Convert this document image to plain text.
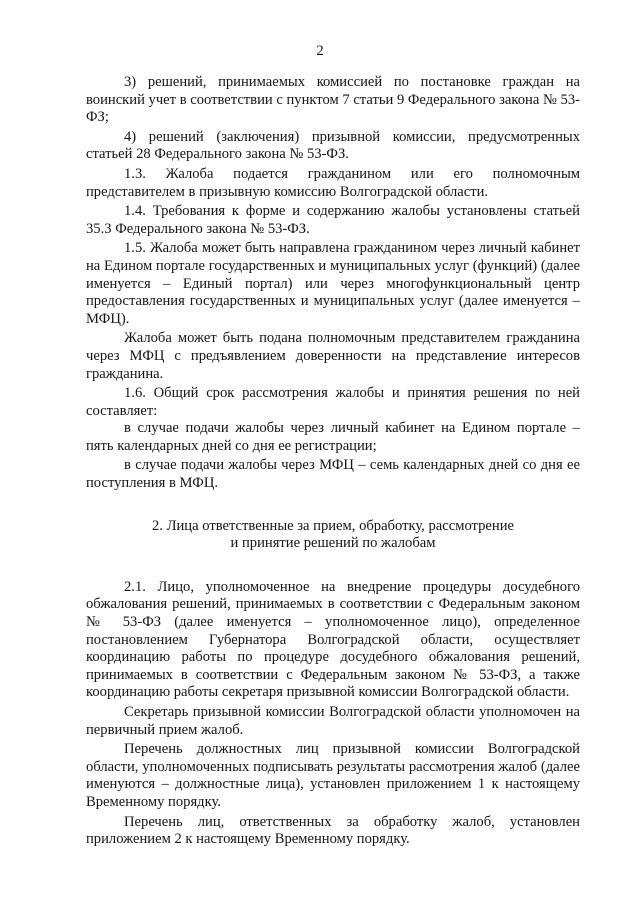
2

3) решений, принимаемых комиссией по постановке граждан на воинский учет в соответствии с пунктом 7 статьи 9 Федерального закона № 53-ФЗ;

4) решений (заключения) призывной комиссии, предусмотренных статьей 28 Федерального закона № 53-ФЗ.

1.3. Жалоба подается гражданином или его полномочным представителем в призывную комиссию Волгоградской области.

1.4. Требования к форме и содержанию жалобы установлены статьей 35.3 Федерального закона № 53-ФЗ.

1.5. Жалоба может быть направлена гражданином через личный кабинет на Едином портале государственных и муниципальных услуг (функций) (далее именуется – Единый портал) или через многофункциональный центр предоставления государственных и муниципальных услуг (далее именуется – МФЦ).

Жалоба может быть подана полномочным представителем гражданина через МФЦ с предъявлением доверенности на представление интересов гражданина.

1.6. Общий срок рассмотрения жалобы и принятия решения по ней составляет:

в случае подачи жалобы через личный кабинет на Едином портале – пять календарных дней со дня ее регистрации;

в случае подачи жалобы через МФЦ – семь календарных дней со дня ее поступления в МФЦ.

2. Лица ответственные за прием, обработку, рассмотрение
и принятие решений по жалобам

2.1. Лицо, уполномоченное на внедрение процедуры досудебного обжалования решений, принимаемых в соответствии с Федеральным законом № 53-ФЗ (далее именуется – уполномоченное лицо), определенное постановлением Губернатора Волгоградской области, осуществляет координацию работы по процедуре досудебного обжалования решений, принимаемых в соответствии с Федеральным законом № 53-ФЗ, а также координацию работы секретаря призывной комиссии Волгоградской области.

Секретарь призывной комиссии Волгоградской области уполномочен на первичный прием жалоб.

Перечень должностных лиц призывной комиссии Волгоградской области, уполномоченных подписывать результаты рассмотрения жалоб (далее именуются – должностные лица), установлен приложением 1 к настоящему Временному порядку.

Перечень лиц, ответственных за обработку жалоб, установлен приложением 2 к настоящему Временному порядку.
